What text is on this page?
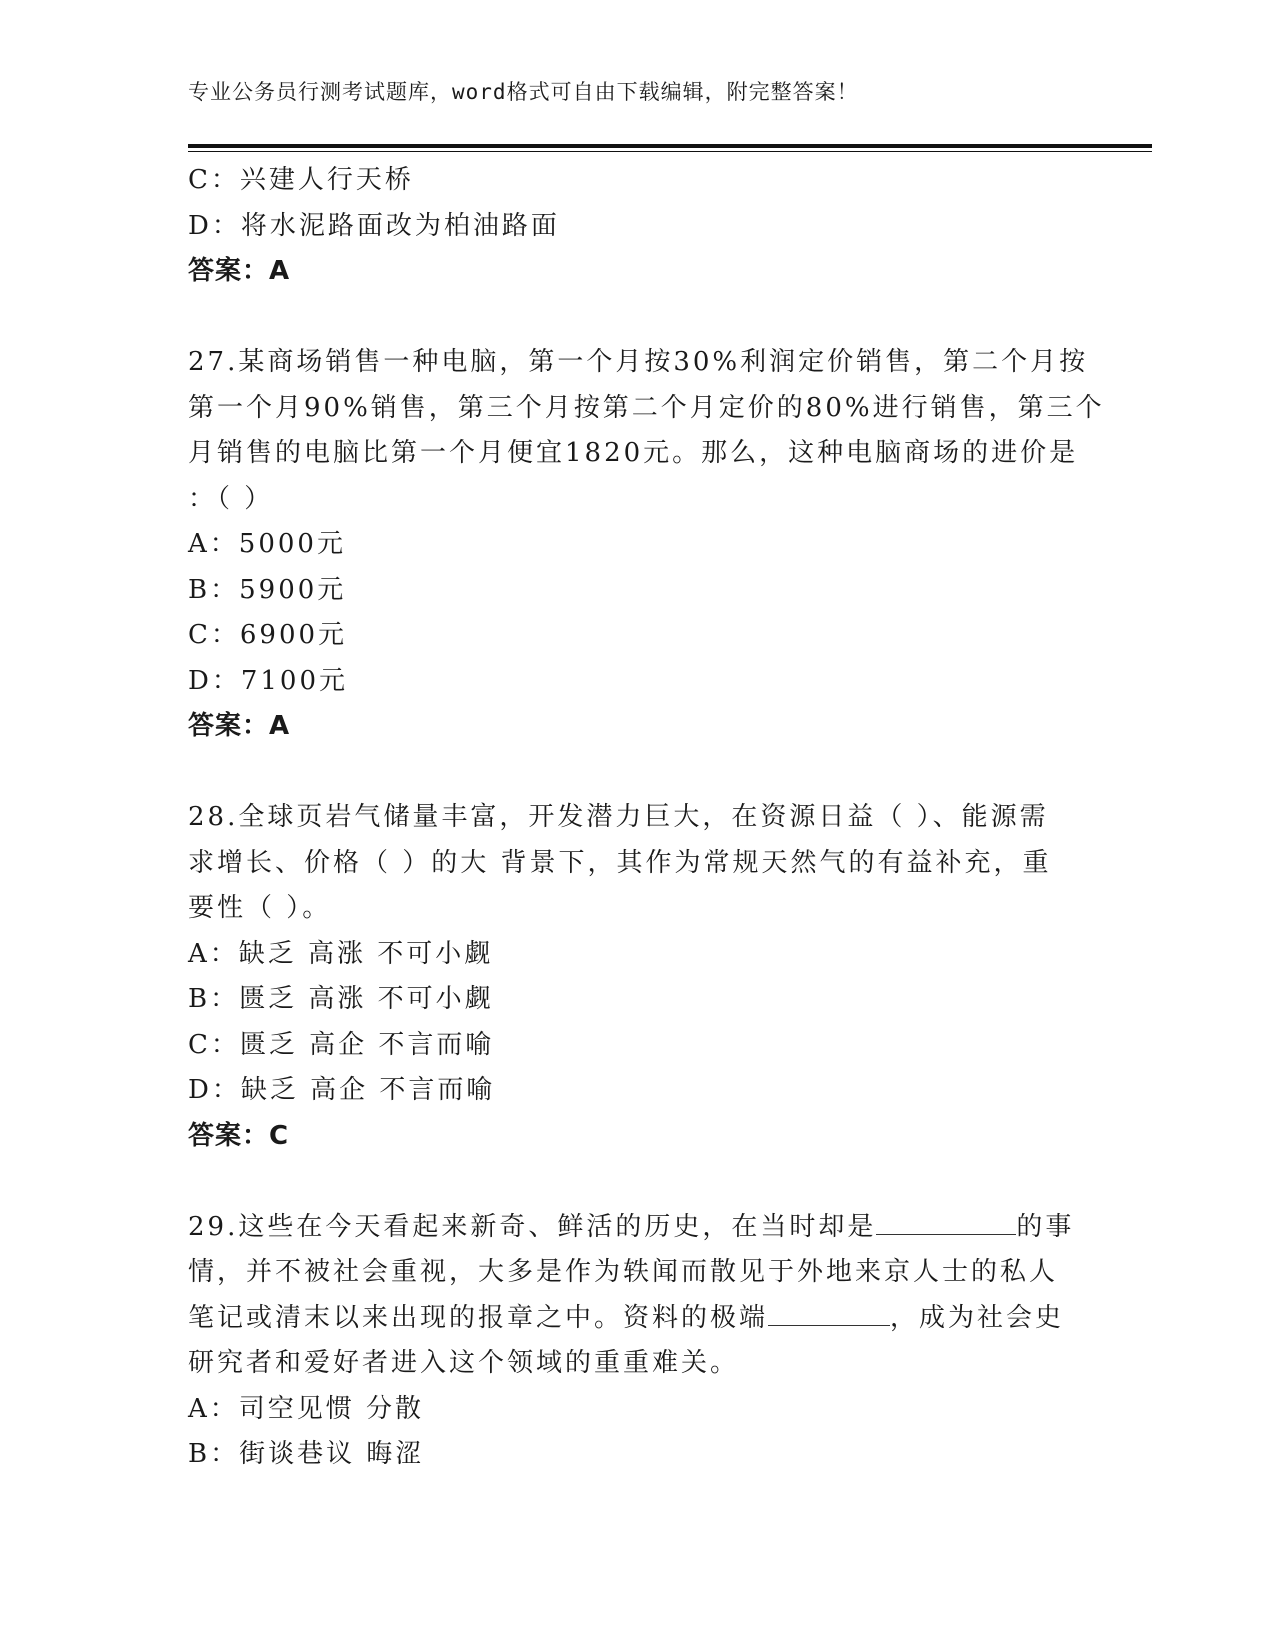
专业公务员行测考试题库，word格式可自由下载编辑，附完整答案！
C：兴建人行天桥
D：将水泥路面改为柏油路面
答案：A
27.某商场销售一种电脑，第一个月按30%利润定价销售，第二个月按
第一个月90%销售，第三个月按第二个月定价的80%进行销售，第三个
月销售的电脑比第一个月便宜1820元。那么，这种电脑商场的进价是
：（ ）
A：5000元
B：5900元
C：6900元
D：7100元
答案：A
28.全球页岩气储量丰富，开发潜力巨大，在资源日益（ ）、能源需
求增长、价格（ ）的大 背景下，其作为常规天然气的有益补充，重
要性（ ）。
A：缺乏 高涨 不可小觑
B：匮乏 高涨 不可小觑
C：匮乏 高企 不言而喻
D：缺乏 高企 不言而喻
答案：C
29.这些在今天看起来新奇、鲜活的历史，在当时却是	的事
情，并不被社会重视，大多是作为轶闻而散见于外地来京人士的私人
笔记或清末以来出现的报章之中。资料的极端	，成为社会史
研究者和爱好者进入这个领域的重重难关。
A：司空见惯 分散
B：街谈巷议 晦涩
